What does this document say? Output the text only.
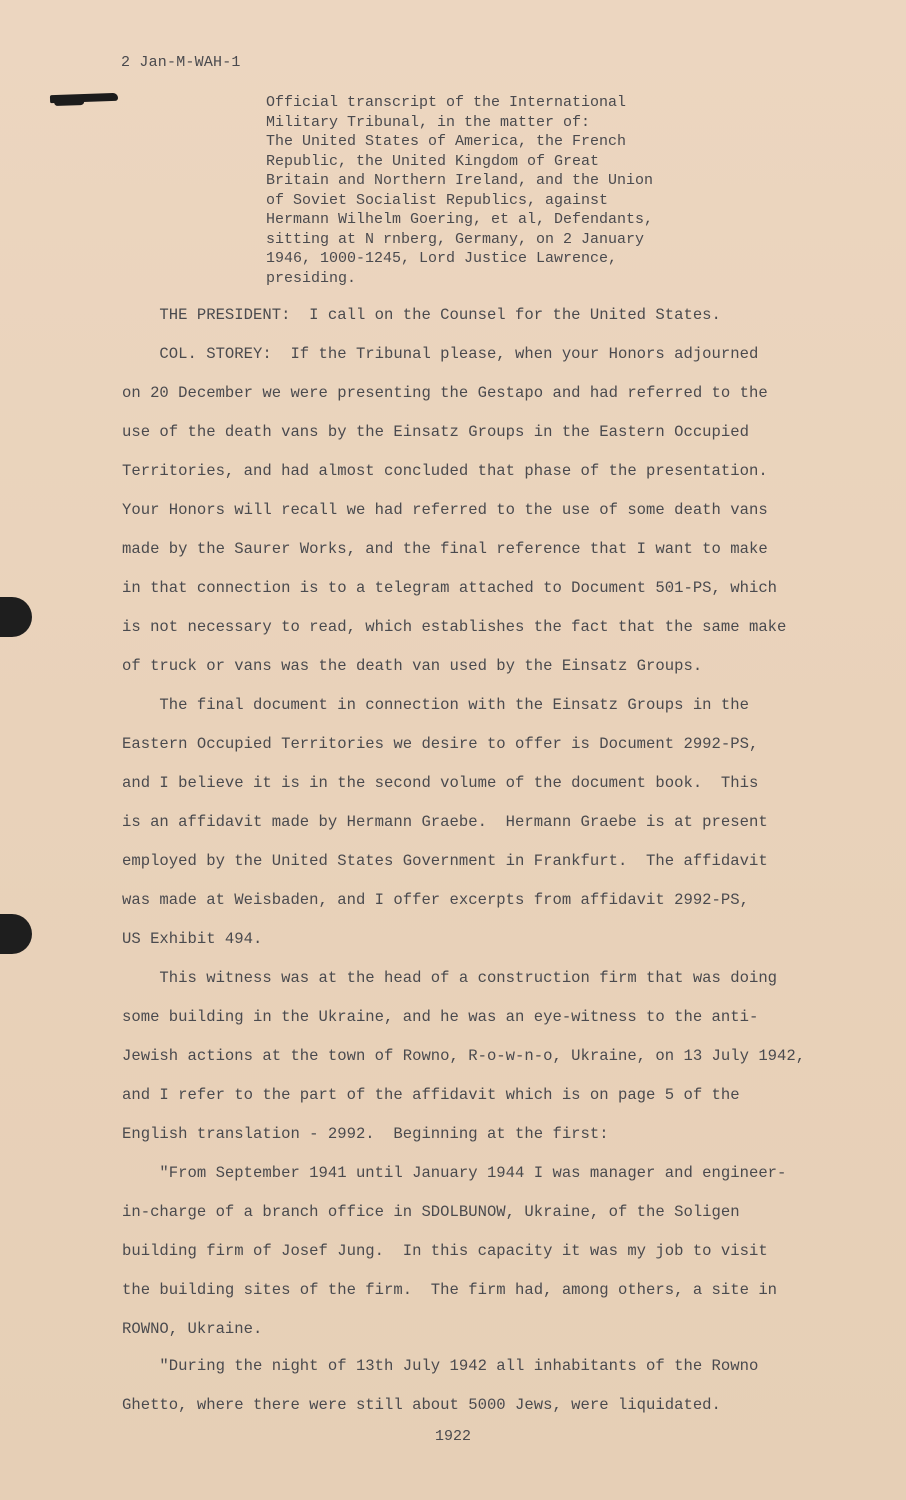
2 Jan-M-WAH-1
Official transcript of the International
Military Tribunal, in the matter of:
The United States of America, the French
Republic, the United Kingdom of Great
Britain and Northern Ireland, and the Union
of Soviet Socialist Republics, against
Hermann Wilhelm Goering, et al, Defendants,
sitting at N rnberg, Germany, on 2 January
1946, 1000-1245, Lord Justice Lawrence,
presiding.
THE PRESIDENT:  I call on the Counsel for the United States.
COL. STOREY:  If the Tribunal please, when your Honors adjourned
on 20 December we were presenting the Gestapo and had referred to the
use of the death vans by the Einsatz Groups in the Eastern Occupied
Territories, and had almost concluded that phase of the presentation.
Your Honors will recall we had referred to the use of some death vans
made by the Saurer Works, and the final reference that I want to make
in that connection is to a telegram attached to Document 501-PS, which
is not necessary to read, which establishes the fact that the same make
of truck or vans was the death van used by the Einsatz Groups.
The final document in connection with the Einsatz Groups in the
Eastern Occupied Territories we desire to offer is Document 2992-PS,
and I believe it is in the second volume of the document book.  This
is an affidavit made by Hermann Graebe.  Hermann Graebe is at present
employed by the United States Government in Frankfurt.  The affidavit
was made at Weisbaden, and I offer excerpts from affidavit 2992-PS,
US Exhibit 494.
This witness was at the head of a construction firm that was doing
some building in the Ukraine, and he was an eye-witness to the anti-
Jewish actions at the town of Rowno, R-o-w-n-o, Ukraine, on 13 July 1942,
and I refer to the part of the affidavit which is on page 5 of the
English translation - 2992.  Beginning at the first:
"From September 1941 until January 1944 I was manager and engineer-
in-charge of a branch office in SDOLBUNOW, Ukraine, of the Soligen
building firm of Josef Jung.  In this capacity it was my job to visit
the building sites of the firm.  The firm had, among others, a site in
ROWNO, Ukraine.
"During the night of 13th July 1942 all inhabitants of the Rowno
Ghetto, where there were still about 5000 Jews, were liquidated.
1922
